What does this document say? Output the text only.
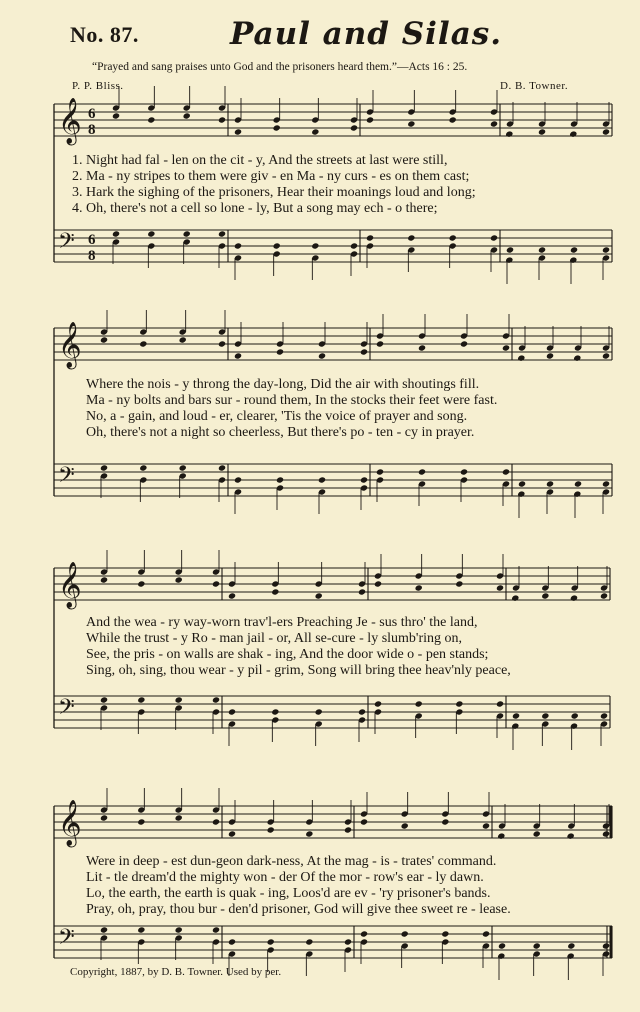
No. 87.	Paul and Silas.
“Prayed and sang praises unto God and the prisoners heard them.”—Acts 16 : 25.
P. P. Bliss.	D. B. Towner.
𝄞 6
8
𝄢 6
8
𝄞
𝄢
𝄞
𝄢
𝄞
𝄢
1. Night had fal - len on the cit - y, And the streets at last were still,
2. Ma - ny stripes to them were giv - en Ma - ny curs - es on them cast;
3. Hark the sighing of the prisoners, Hear their moanings loud and long;
4. Oh, there's not a cell so lone - ly, But a song may ech - o there;
Where the nois - y throng the day-long, Did the air with shoutings fill.
Ma - ny bolts and bars sur - round them, In the stocks their feet were fast.
No, a - gain, and loud - er, clearer, 'Tis the voice of prayer and song.
Oh, there's not a night so cheerless, But there's po - ten - cy in prayer.
And the wea - ry way-worn trav'l-ers Preaching Je - sus thro' the land,
While the trust - y Ro - man jail - or, All se-cure - ly slumb'ring on,
See, the pris - on walls are shak - ing, And the door wide o - pen stands;
Sing, oh, sing, thou wear - y pil - grim, Song will bring thee heav'nly peace,
Were in deep - est dun-geon dark-ness, At the mag - is - trates' command.
Lit - tle dream'd the mighty won - der Of the mor - row's ear - ly dawn.
Lo, the earth, the earth is quak - ing, Loos'd are ev - 'ry prisoner's bands.
Pray, oh, pray, thou bur - den'd prisoner, God will give thee sweet re - lease.
Copyright, 1887, by D. B. Towner. Used by per.
